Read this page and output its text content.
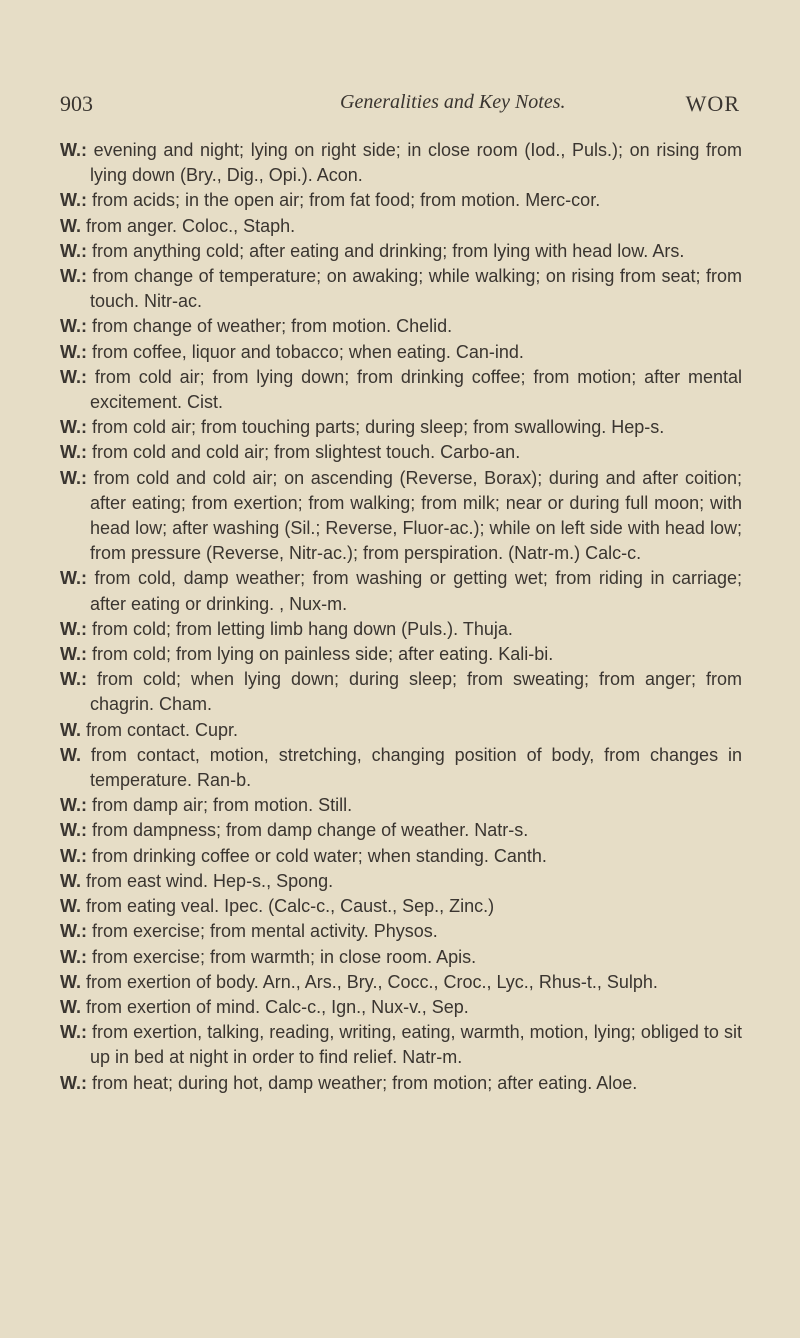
903	Generalities and Key Notes.	WOR
W.: evening and night; lying on right side; in close room (Iod., Puls.); on rising from lying down (Bry., Dig., Opi.). Acon.
W.: from acids; in the open air; from fat food; from motion. Merc-cor.
W. from anger. Coloc., Staph.
W.: from anything cold; after eating and drinking; from lying with head low. Ars.
W.: from change of temperature; on awaking; while walking; on rising from seat; from touch. Nitr-ac.
W.: from change of weather; from motion. Chelid.
W.: from coffee, liquor and tobacco; when eating. Can-ind.
W.: from cold air; from lying down; from drinking coffee; from motion; after mental excitement. Cist.
W.: from cold air; from touching parts; during sleep; from swallowing. Hep-s.
W.: from cold and cold air; from slightest touch. Carbo-an.
W.: from cold and cold air; on ascending (Reverse, Borax); during and after coition; after eating; from exertion; from walking; from milk; near or during full moon; with head low; after washing (Sil.; Reverse, Fluor-ac.); while on left side with head low; from pressure (Reverse, Nitr-ac.); from perspiration. (Natr-m.) Calc-c.
W.: from cold, damp weather; from washing or getting wet; from riding in carriage; after eating or drinking. , Nux-m.
W.: from cold; from letting limb hang down (Puls.). Thuja.
W.: from cold; from lying on painless side; after eating. Kali-bi.
W.: from cold; when lying down; during sleep; from sweating; from anger; from chagrin. Cham.
W. from contact. Cupr.
W. from contact, motion, stretching, changing position of body, from changes in temperature. Ran-b.
W.: from damp air; from motion. Still.
W.: from dampness; from damp change of weather. Natr-s.
W.: from drinking coffee or cold water; when standing. Canth.
W. from east wind. Hep-s., Spong.
W. from eating veal. Ipec. (Calc-c., Caust., Sep., Zinc.)
W.: from exercise; from mental activity. Physos.
W.: from exercise; from warmth; in close room. Apis.
W. from exertion of body. Arn., Ars., Bry., Cocc., Croc., Lyc., Rhus-t., Sulph.
W. from exertion of mind. Calc-c., Ign., Nux-v., Sep.
W.: from exertion, talking, reading, writing, eating, warmth, motion, lying; obliged to sit up in bed at night in order to find relief. Natr-m.
W.: from heat; during hot, damp weather; from motion; after eating. Aloe.
